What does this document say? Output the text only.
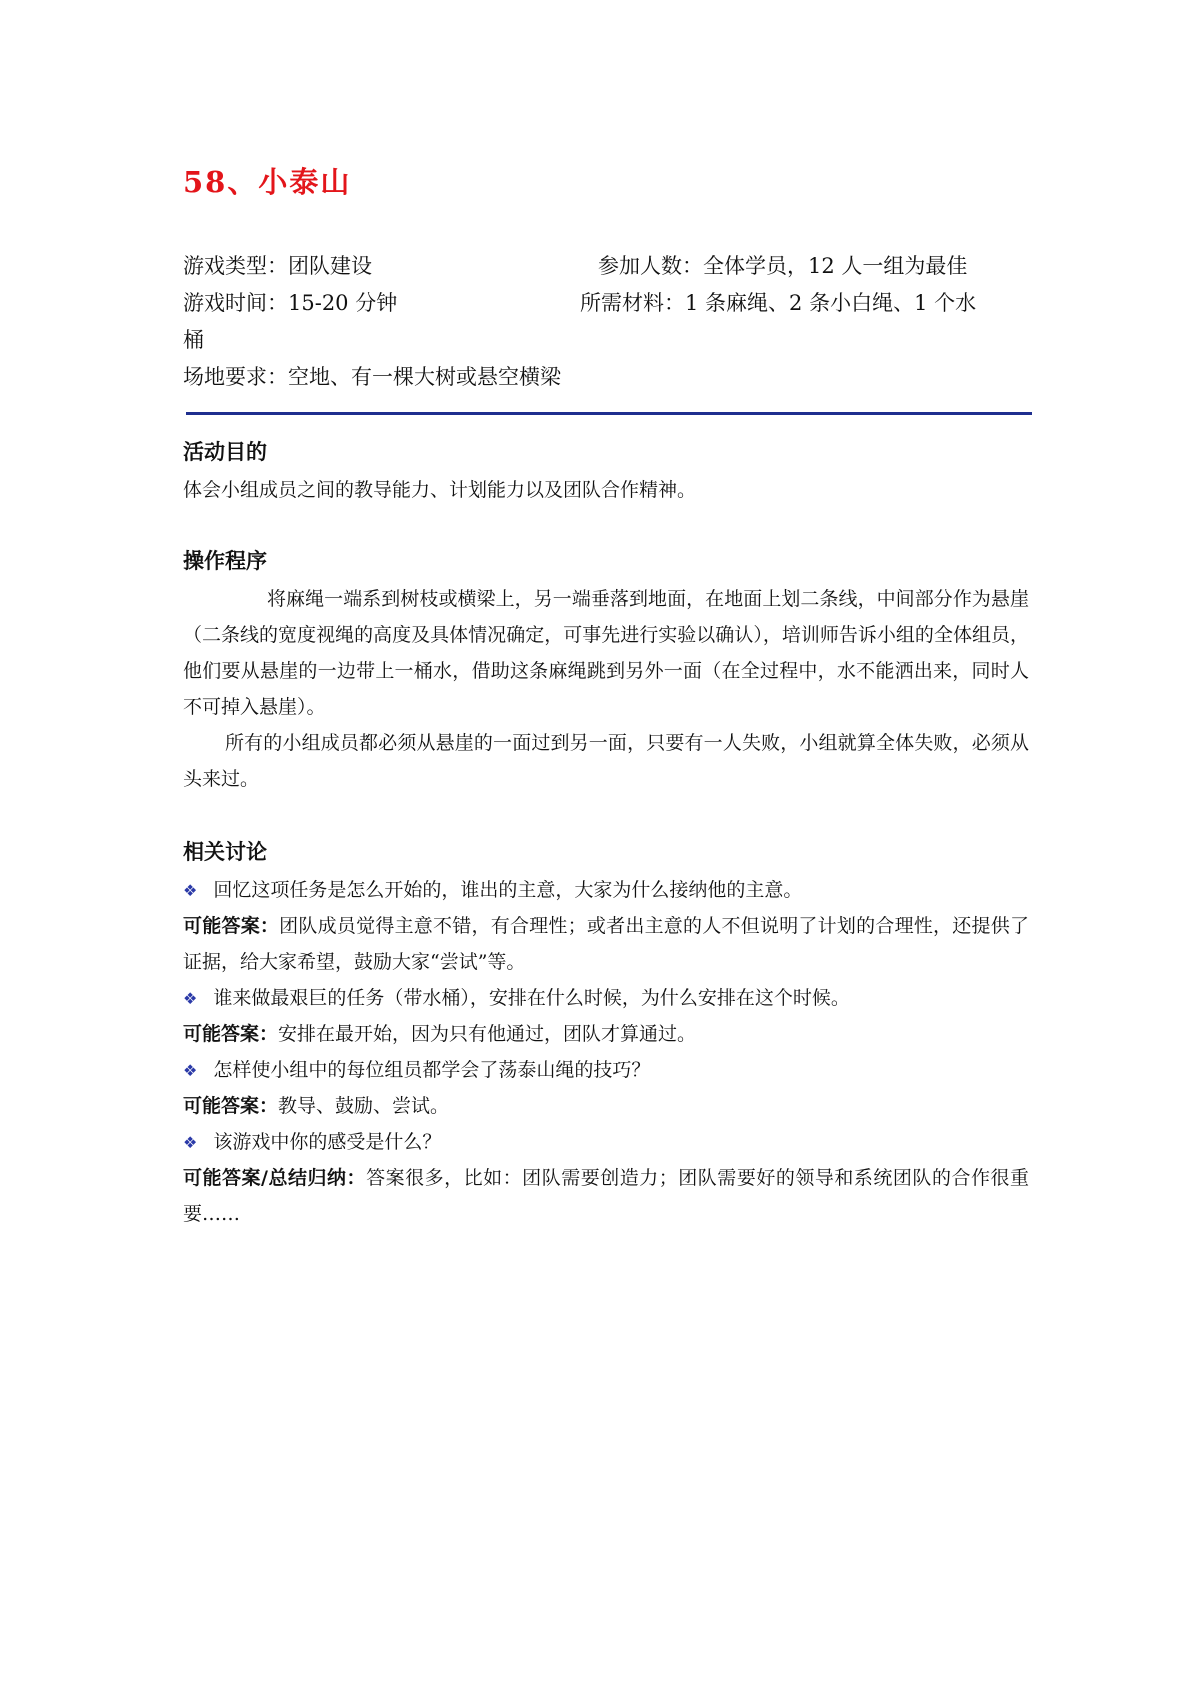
58、小泰山
游戏类型：团队建设	参加人数：全体学员，12 人一组为最佳
游戏时间：15-20 分钟	所需材料：1 条麻绳、2 条小白绳、1 个水
桶
场地要求：空地、有一棵大树或悬空横梁
活动目的
体会小组成员之间的教导能力、计划能力以及团队合作精神。
操作程序
将麻绳一端系到树枝或横梁上，另一端垂落到地面，在地面上划二条线，中间部分作为悬崖（二条线的宽度视绳的高度及具体情况确定，可事先进行实验以确认），培训师告诉小组的全体组员，他们要从悬崖的一边带上一桶水，借助这条麻绳跳到另外一面（在全过程中，水不能洒出来，同时人不可掉入悬崖）。
所有的小组成员都必须从悬崖的一面过到另一面，只要有一人失败，小组就算全体失败，必须从头来过。
相关讨论
❖ 回忆这项任务是怎么开始的，谁出的主意，大家为什么接纳他的主意。
可能答案：团队成员觉得主意不错，有合理性；或者出主意的人不但说明了计划的合理性，还提供了证据，给大家希望，鼓励大家“尝试”等。
❖ 谁来做最艰巨的任务（带水桶），安排在什么时候，为什么安排在这个时候。
可能答案：安排在最开始，因为只有他通过，团队才算通过。
❖ 怎样使小组中的每位组员都学会了荡泰山绳的技巧？
可能答案：教导、鼓励、尝试。
❖ 该游戏中你的感受是什么？
可能答案/总结归纳：答案很多，比如：团队需要创造力；团队需要好的领导和系统团队的合作很重要……
